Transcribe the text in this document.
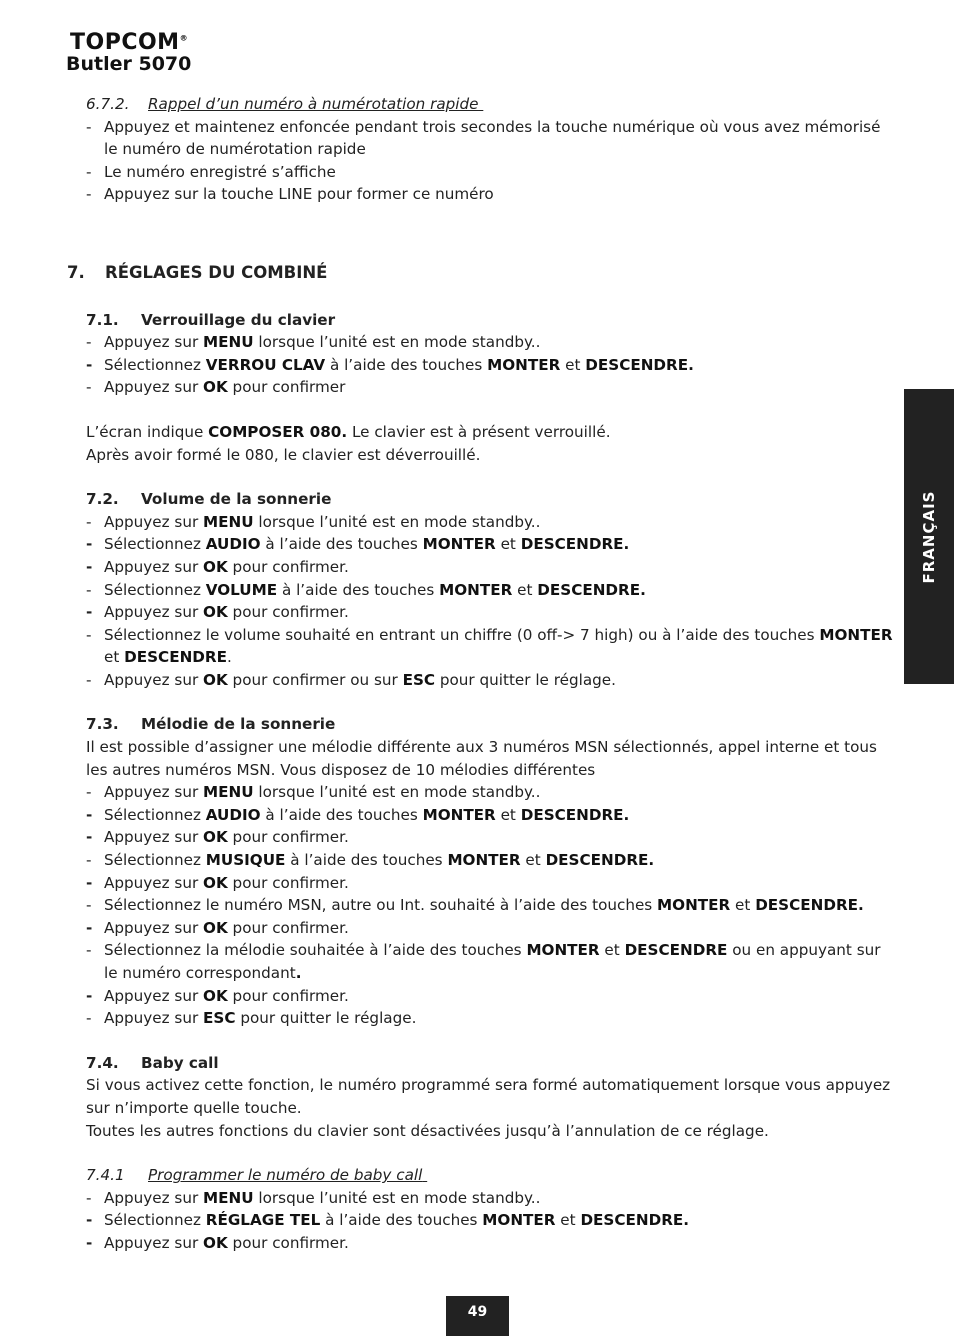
TOPCOM®
Butler 5070
FRANÇAIS

6.7.2. Rappel d’un numéro à numérotation rapide

- Appuyez et maintenez enfoncée pendant trois secondes la touche numérique où vous avez mémorisé le numéro de numérotation rapide
- Le numéro enregistré s’affiche
- Appuyez sur la touche LINE pour former ce numéro

7. RÉGLAGES DU COMBINÉ

7.1. Verrouillage du clavier

- Appuyez sur MENU lorsque l’unité est en mode standby..
- Sélectionnez VERROU CLAV à l’aide des touches MONTER et DESCENDRE.
- Appuyez sur OK pour confirmer

L’écran indique COMPOSER 080. Le clavier est à présent verrouillé.

Après avoir formé le 080, le clavier est déverrouillé.

7.2. Volume de la sonnerie

- Appuyez sur MENU lorsque l’unité est en mode standby..
- Sélectionnez AUDIO à l’aide des touches MONTER et DESCENDRE.
- Appuyez sur OK pour confirmer.
- Sélectionnez VOLUME à l’aide des touches MONTER et DESCENDRE.
- Appuyez sur OK pour confirmer.
- Sélectionnez le volume souhaité en entrant un chiffre (0 off-> 7 high) ou à l’aide des touches MONTER et DESCENDRE.
- Appuyez sur OK pour confirmer ou sur ESC pour quitter le réglage.

7.3. Mélodie de la sonnerie

Il est possible d’assigner une mélodie différente aux 3 numéros MSN sélectionnés, appel interne et tous les autres numéros MSN. Vous disposez de 10 mélodies différentes

- Appuyez sur MENU lorsque l’unité est en mode standby..
- Sélectionnez AUDIO à l’aide des touches MONTER et DESCENDRE.
- Appuyez sur OK pour confirmer.
- Sélectionnez MUSIQUE à l’aide des touches MONTER et DESCENDRE.
- Appuyez sur OK pour confirmer.
- Sélectionnez le numéro MSN, autre ou Int. souhaité à l’aide des touches MONTER et DESCENDRE.
- Appuyez sur OK pour confirmer.
- Sélectionnez la mélodie souhaitée à l’aide des touches MONTER et DESCENDRE ou en appuyant sur le numéro correspondant.
- Appuyez sur OK pour confirmer.
- Appuyez sur ESC pour quitter le réglage.

7.4. Baby call

Si vous activez cette fonction, le numéro programmé sera formé automatiquement lorsque vous appuyez sur n’importe quelle touche.

Toutes les autres fonctions du clavier sont désactivées jusqu’à l’annulation de ce réglage.

7.4.1 Programmer le numéro de baby call

- Appuyez sur MENU lorsque l’unité est en mode standby..
- Sélectionnez RÉGLAGE TEL à l’aide des touches MONTER et DESCENDRE.
- Appuyez sur OK pour confirmer.
49
